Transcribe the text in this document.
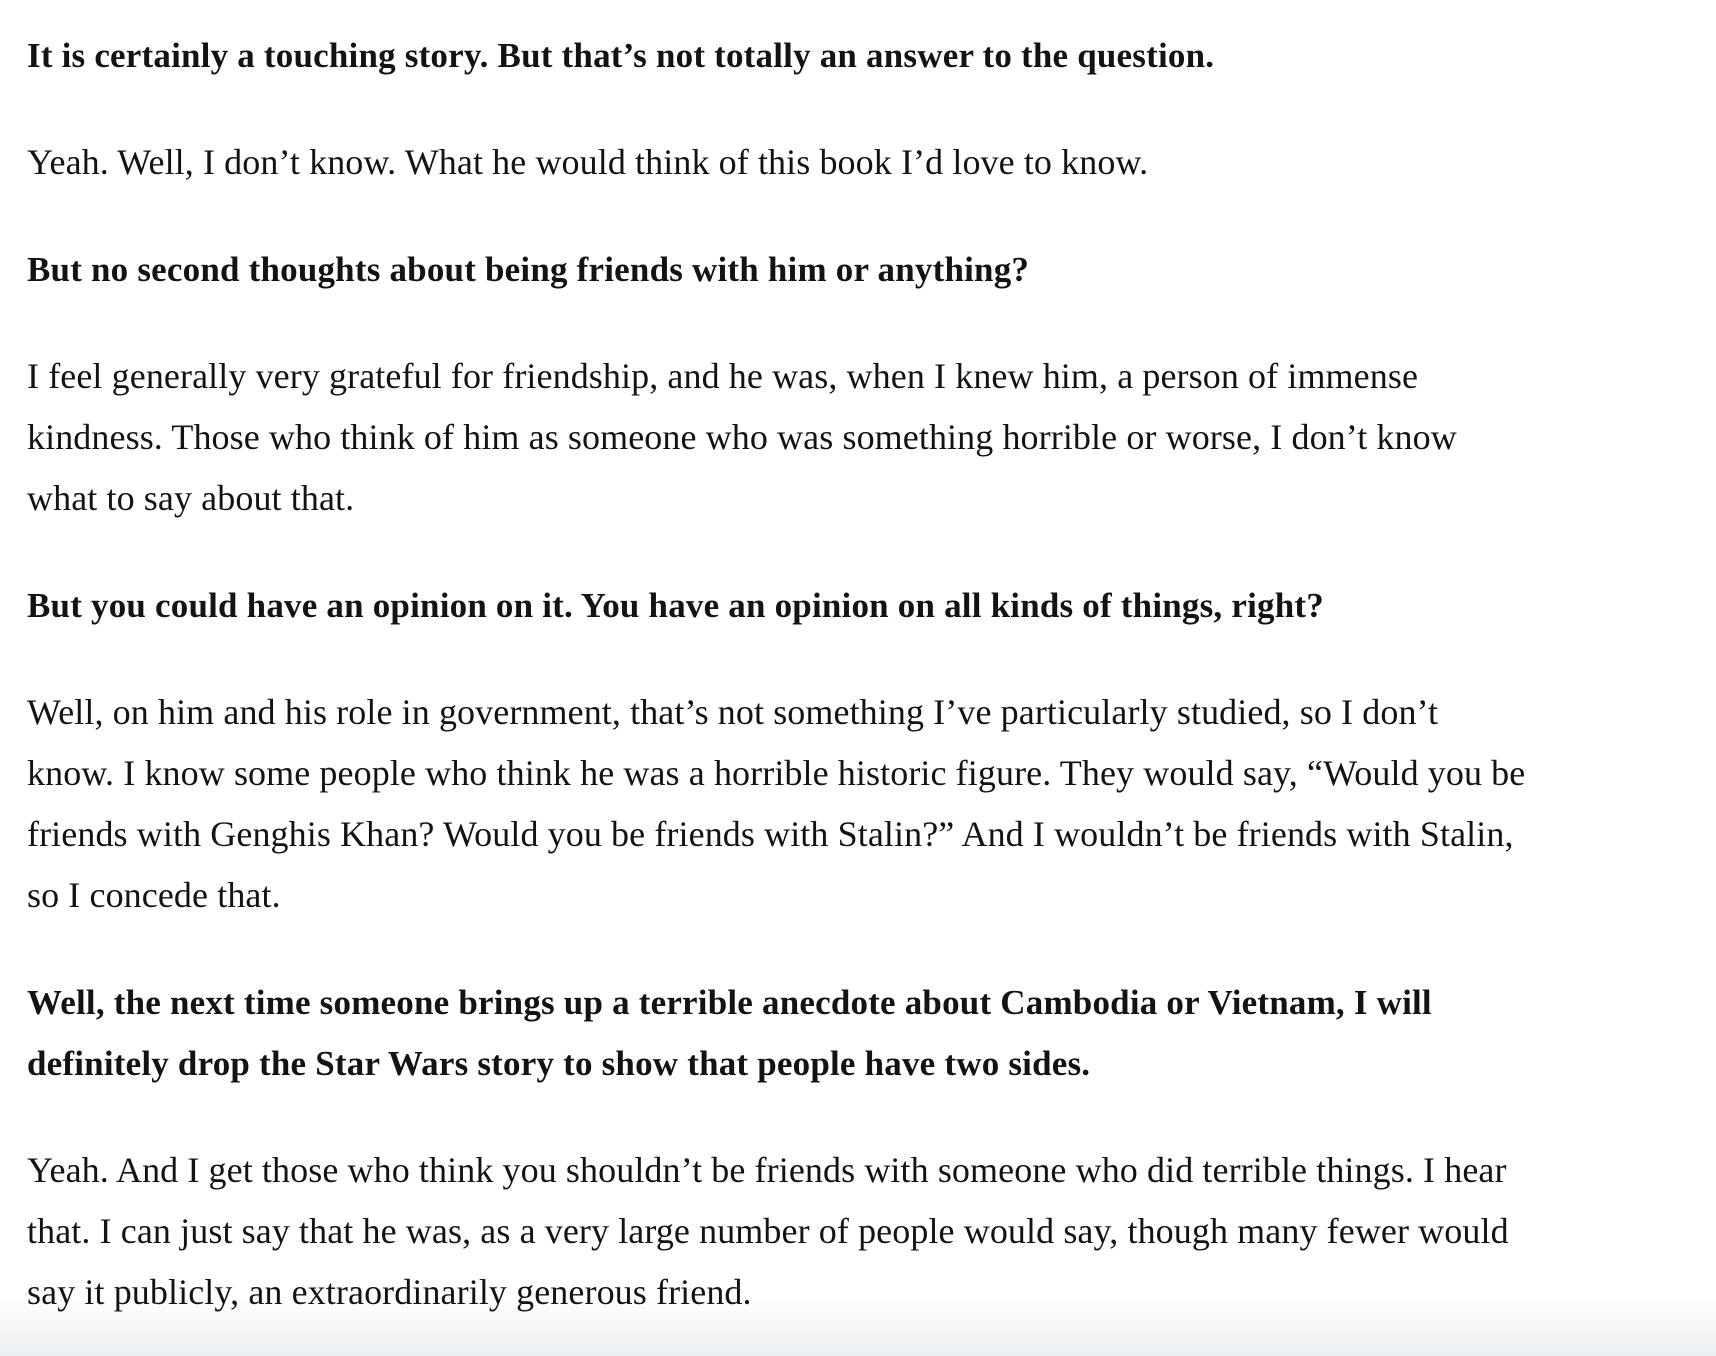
It is certainly a touching story. But that’s not totally an answer to the question.

Yeah. Well, I don’t know. What he would think of this book I’d love to know.

But no second thoughts about being friends with him or anything?

I feel generally very grateful for friendship, and he was, when I knew him, a person of immense kindness. Those who think of him as someone who was something horrible or worse, I don’t know what to say about that.

But you could have an opinion on it. You have an opinion on all kinds of things, right?

Well, on him and his role in government, that’s not something I’ve particularly studied, so I don’t know. I know some people who think he was a horrible historic figure. They would say, “Would you be friends with Genghis Khan? Would you be friends with Stalin?” And I wouldn’t be friends with Stalin, so I concede that.

Well, the next time someone brings up a terrible anecdote about Cambodia or Vietnam, I will definitely drop the Star Wars story to show that people have two sides.

Yeah. And I get those who think you shouldn’t be friends with someone who did terrible things. I hear that. I can just say that he was, as a very large number of people would say, though many fewer would say it publicly, an extraordinarily generous friend.
